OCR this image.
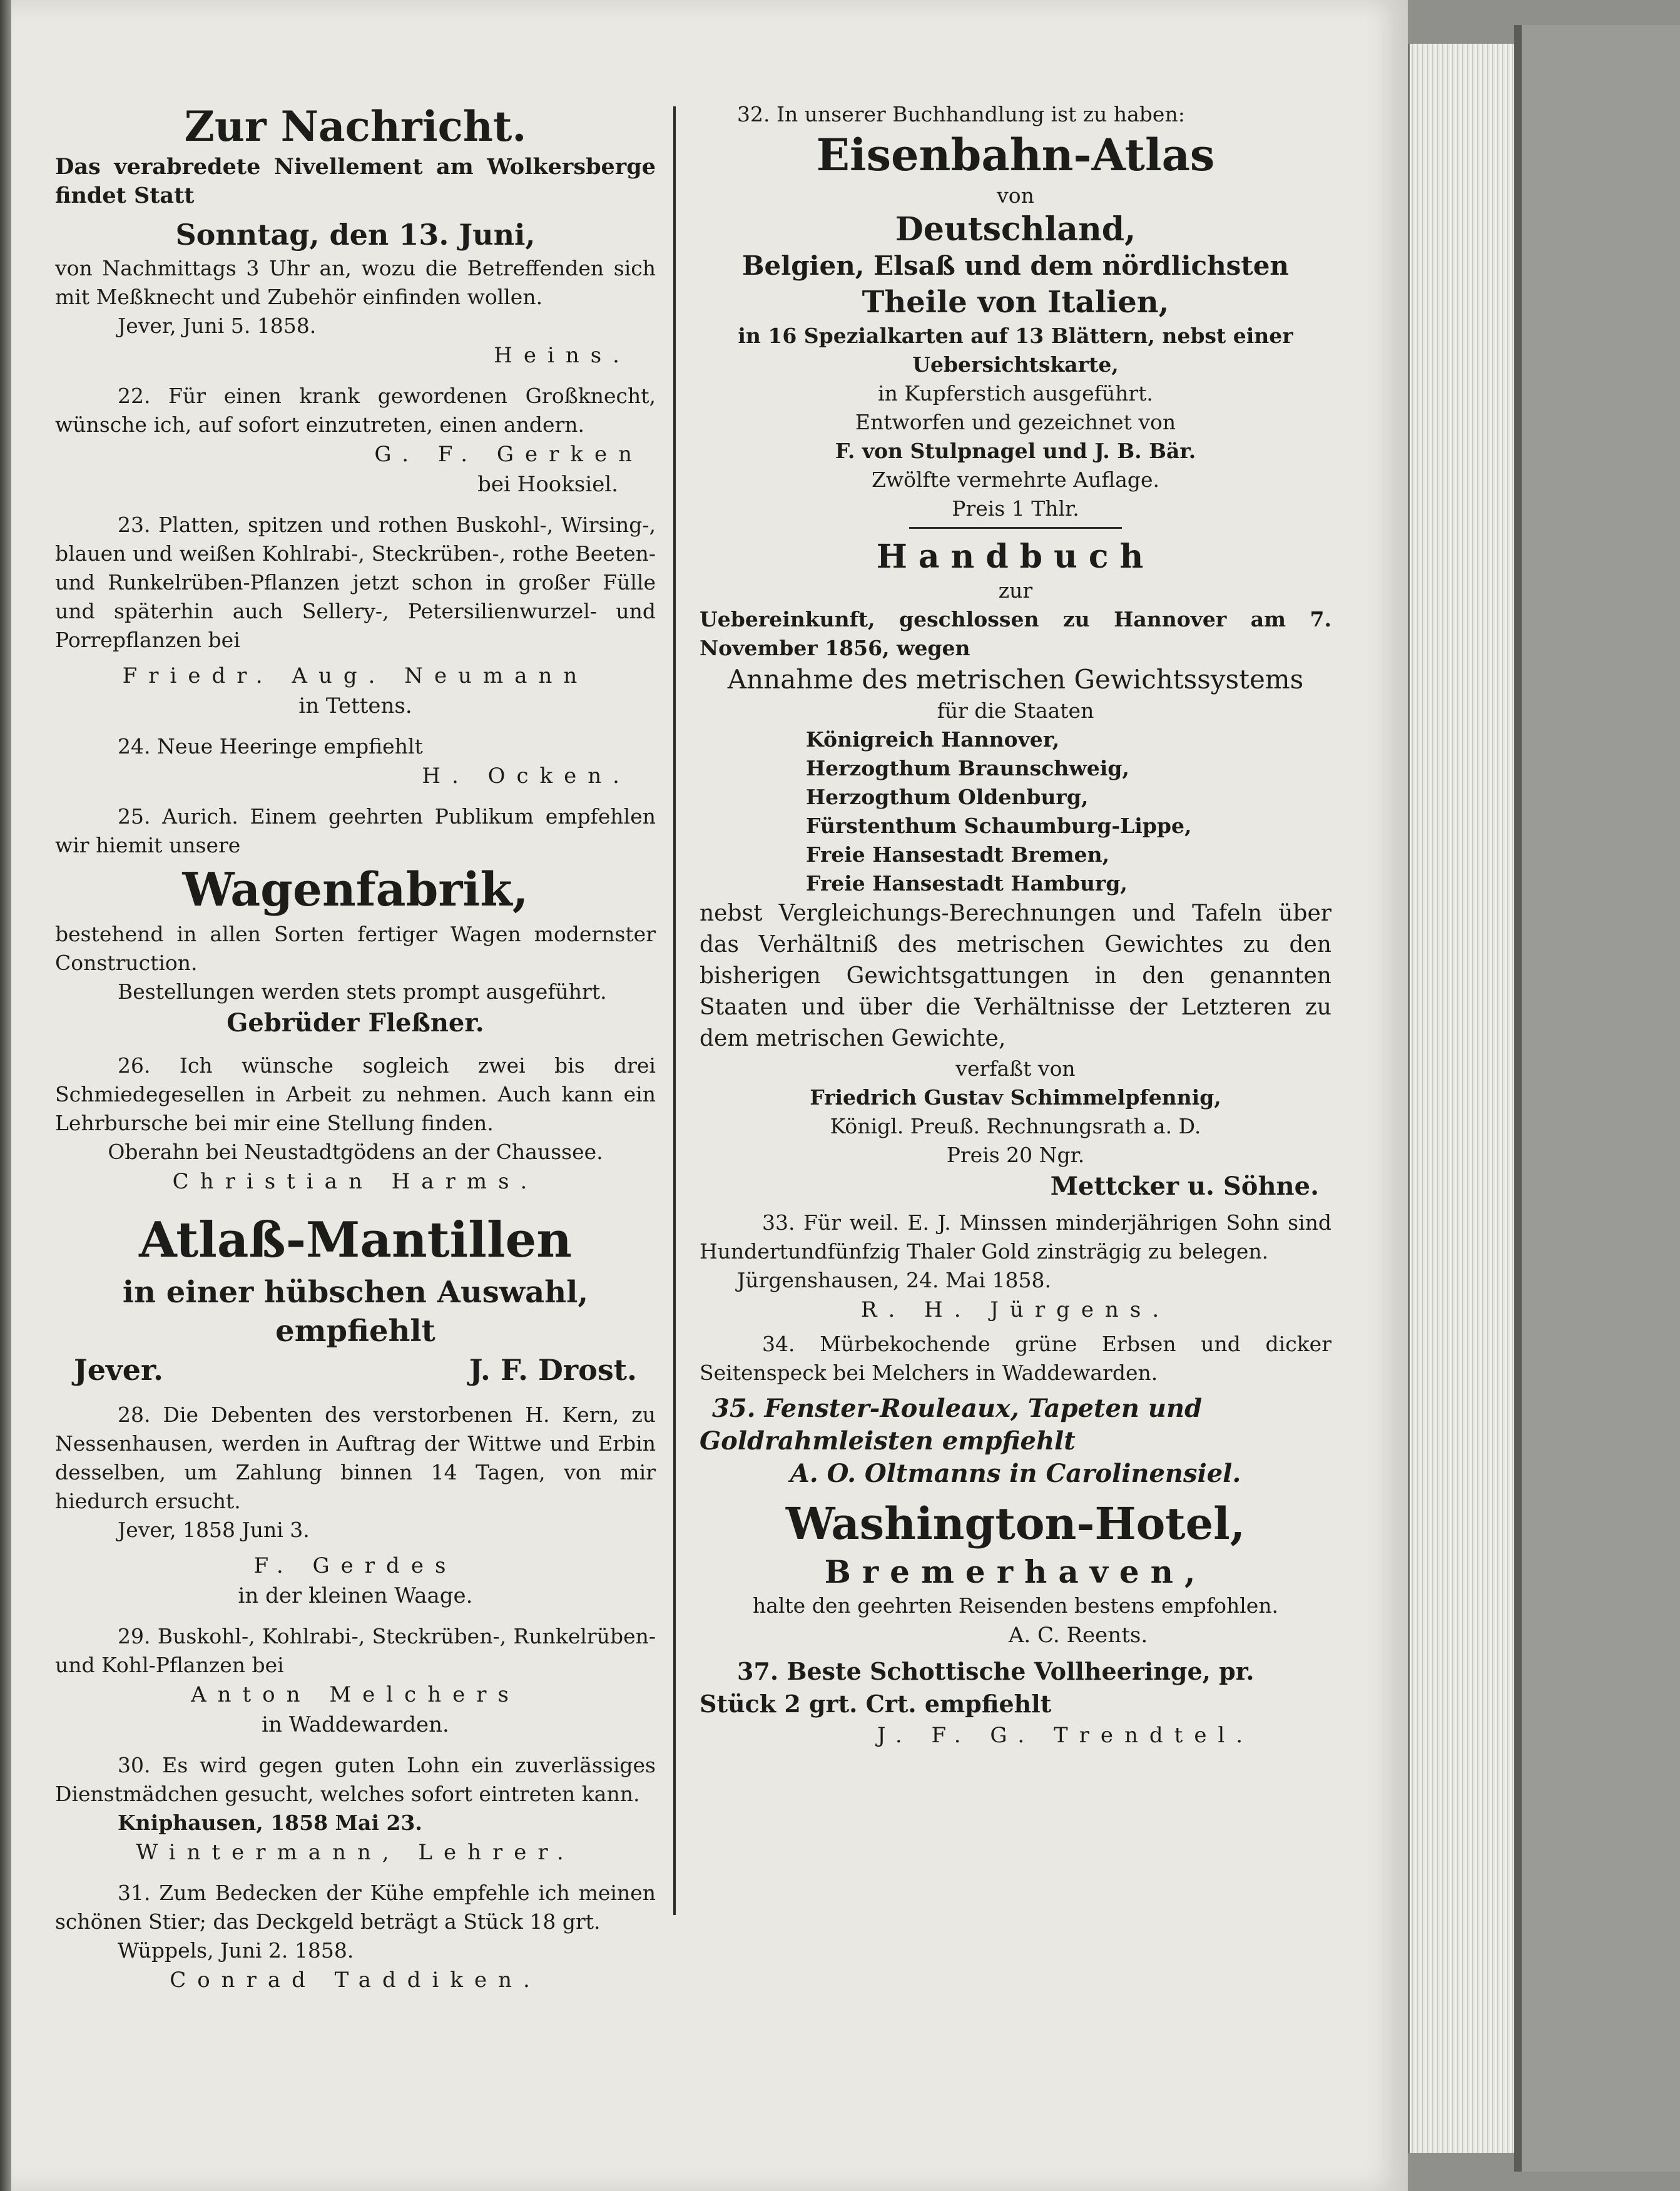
Zur Nachricht.

Das verabredete Nivellement am Wolkersberge findet Statt

Sonntag, den 13. Juni,

von Nachmittags 3 Uhr an, wozu die Betreffenden sich mit Meßknecht und Zubehör einfinden wollen.

Jever, Juni 5. 1858.

Heins.

22. Für einen krank gewordenen Großknecht, wünsche ich, auf sofort einzutreten, einen andern.

G. F. Gerken

bei Hooksiel.

23. Platten, spitzen und rothen Buskohl-, Wirsing-, blauen und weißen Kohlrabi-, Steckrüben-, rothe Beeten- und Runkelrüben-Pflanzen jetzt schon in großer Fülle und späterhin auch Sellery-, Petersilienwurzel- und Porrepflanzen bei

Friedr. Aug. Neumann

in Tettens.

24. Neue Heeringe empfiehlt

H. Ocken.

25. Aurich. Einem geehrten Publikum empfehlen wir hiemit unsere

Wagenfabrik,

bestehend in allen Sorten fertiger Wagen modernster Construction.

Bestellungen werden stets prompt ausgeführt.

Gebrüder Fleßner.

26. Ich wünsche sogleich zwei bis drei Schmiedegesellen in Arbeit zu nehmen. Auch kann ein Lehrbursche bei mir eine Stellung finden.

Oberahn bei Neustadtgödens an der Chaussee.

Christian Harms.

Atlaß-Mantillen

in einer hübschen Auswahl, empfiehlt

Jever.	J. F. Drost.

28. Die Debenten des verstorbenen H. Kern, zu Nessenhausen, werden in Auftrag der Wittwe und Erbin desselben, um Zahlung binnen 14 Tagen, von mir hiedurch ersucht.

Jever, 1858 Juni 3.

F. Gerdes

in der kleinen Waage.

29. Buskohl-, Kohlrabi-, Steckrüben-, Runkelrüben- und Kohl-Pflanzen bei

Anton Melchers

in Waddewarden.

30. Es wird gegen guten Lohn ein zuverlässiges Dienstmädchen gesucht, welches sofort eintreten kann.

Kniphausen, 1858 Mai 23.

Wintermann, Lehrer.

31. Zum Bedecken der Kühe empfehle ich meinen schönen Stier; das Deckgeld beträgt a Stück 18 grt.

Wüppels, Juni 2. 1858.

Conrad Taddiken.

32. In unserer Buchhandlung ist zu haben:

Eisenbahn-Atlas

von

Deutschland,

Belgien, Elsaß und dem nördlichsten

Theile von Italien,

in 16 Spezialkarten auf 13 Blättern, nebst einer

Uebersichtskarte,

in Kupferstich ausgeführt.

Entworfen und gezeichnet von

F. von Stulpnagel und J. B. Bär.

Zwölfte vermehrte Auflage.

Preis 1 Thlr.

Handbuch

zur

Uebereinkunft, geschlossen zu Hannover am 7. November 1856, wegen

Annahme des metrischen Gewichtssystems

für die Staaten

Königreich Hannover,
Herzogthum Braunschweig,
Herzogthum Oldenburg,
Fürstenthum Schaumburg-Lippe,
Freie Hansestadt Bremen,
Freie Hansestadt Hamburg,

nebst Vergleichungs-Berechnungen und Tafeln über das Verhältniß des metrischen Gewichtes zu den bisherigen Gewichtsgattungen in den genannten Staaten und über die Verhältnisse der Letzteren zu dem metrischen Gewichte,

verfaßt von

Friedrich Gustav Schimmelpfennig,

Königl. Preuß. Rechnungsrath a. D.

Preis 20 Ngr.

Mettcker u. Söhne.

33. Für weil. E. J. Minssen minderjährigen Sohn sind Hundertundfünfzig Thaler Gold zinsträgig zu belegen.

Jürgenshausen, 24. Mai 1858.

R. H. Jürgens.

34. Mürbekochende grüne Erbsen und dicker Seitenspeck bei Melchers in Waddewarden.

35. Fenster-Rouleaux, Tapeten und

Goldrahmleisten empfiehlt

A. O. Oltmanns in Carolinensiel.

Washington-Hotel,

Bremerhaven,

halte den geehrten Reisenden bestens empfohlen.

A. C. Reents.

37. Beste Schottische Vollheeringe, pr.

Stück 2 grt. Crt. empfiehlt

J. F. G. Trendtel.
